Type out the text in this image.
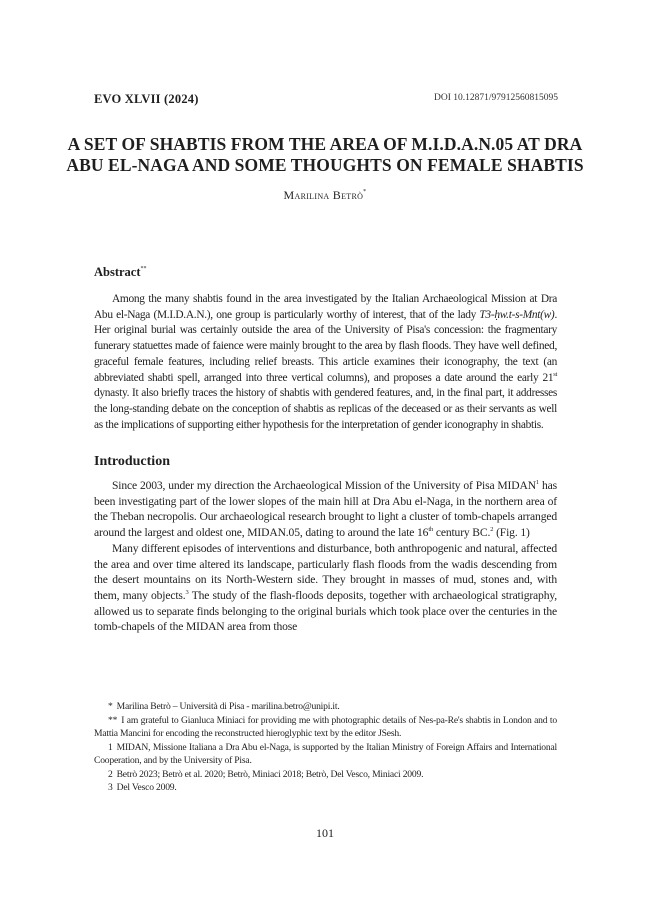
EVO XLVII (2024)	DOI 10.12871/97912560815095
A SET OF SHABTIS FROM THE AREA OF M.I.D.A.N.05 AT DRA ABU EL-NAGA AND SOME THOUGHTS ON FEMALE SHABTIS
Marilina Betrò*
Abstract**

Among the many shabtis found in the area investigated by the Italian Archaeological Mission at Dra Abu el-Naga (M.I.D.A.N.), one group is particularly worthy of interest, that of the lady T3-ḥw.t-s-Mnt(w). Her original burial was certainly outside the area of the University of Pisa's concession: the fragmentary funerary statuettes made of faience were mainly brought to the area by flash floods. They have well defined, graceful female features, including relief breasts. This article examines their iconography, the text (an abbreviated shabti spell, arranged into three vertical columns), and proposes a date around the early 21st dynasty. It also briefly traces the history of shabtis with gendered features, and, in the final part, it addresses the long-standing debate on the conception of shabtis as replicas of the deceased or as their servants as well as the implications of supporting either hypothesis for the interpretation of gender iconography in shabtis.

Introduction

Since 2003, under my direction the Archaeological Mission of the University of Pisa MIDAN$^1$ has been investigating part of the lower slopes of the main hill at Dra Abu el-Naga, in the northern area of the Theban necropolis. Our archaeological research brought to light a cluster of tomb-chapels arranged around the largest and oldest one, MIDAN.05, dating to around the late 16th century BC.$^2$ (Fig. 1)

Many different episodes of interventions and disturbance, both anthropogenic and natural, affected the area and over time altered its landscape, particularly flash floods from the wadis descending from the desert mountains on its North-Western side. They brought in masses of mud, stones and, with them, many objects.$^3$ The study of the flash-floods deposits, together with archaeological stratigraphy, allowed us to separate finds belonging to the original burials which took place over the centuries in the tomb-chapels of the MIDAN area from those

* Marilina Betrò – Università di Pisa - marilina.betro@unipi.it.
** I am grateful to Gianluca Miniaci for providing me with photographic details of Nes-pa-Re's shabtis in London and to Mattia Mancini for encoding the reconstructed hieroglyphic text by the editor JSesh.
1 MIDAN, Missione Italiana a Dra Abu el-Naga, is supported by the Italian Ministry of Foreign Affairs and International Cooperation, and by the University of Pisa.
2 Betrò 2023; Betrò et al. 2020; Betrò, Miniaci 2018; Betrò, Del Vesco, Miniaci 2009.
3 Del Vesco 2009.
101
